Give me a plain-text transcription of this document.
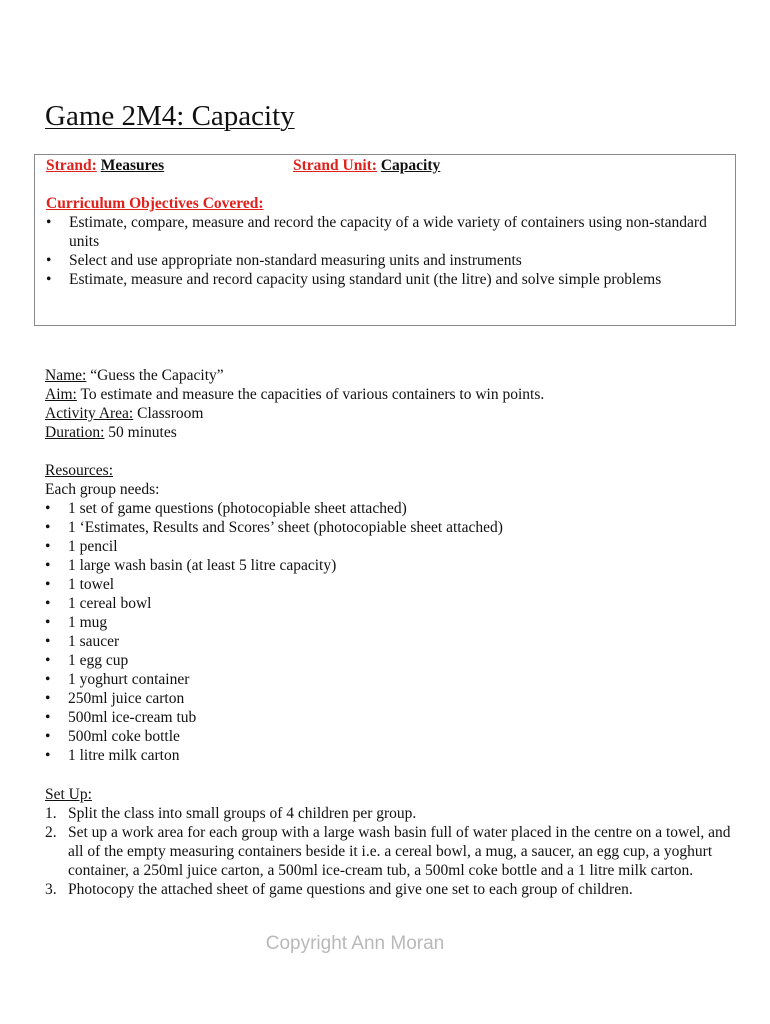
Game 2M4: Capacity
Strand: Measures	Strand Unit: Capacity
Curriculum Objectives Covered:
• Estimate, compare, measure and record the capacity of a wide variety of containers using non-standard units
• Select and use appropriate non-standard measuring units and instruments
• Estimate, measure and record capacity using standard unit (the litre) and solve simple problems
Name: “Guess the Capacity”
Aim: To estimate and measure the capacities of various containers to win points.
Activity Area: Classroom
Duration: 50 minutes
Resources:
Each group needs:
• 1 set of game questions (photocopiable sheet attached)
• 1 ‘Estimates, Results and Scores’ sheet (photocopiable sheet attached)
• 1 pencil
• 1 large wash basin (at least 5 litre capacity)
• 1 towel
• 1 cereal bowl
• 1 mug
• 1 saucer
• 1 egg cup
• 1 yoghurt container
• 250ml juice carton
• 500ml ice-cream tub
• 500ml coke bottle
• 1 litre milk carton
Set Up:
1. Split the class into small groups of 4 children per group.
2. Set up a work area for each group with a large wash basin full of water placed in the centre on a towel, and all of the empty measuring containers beside it i.e. a cereal bowl, a mug, a saucer, an egg cup, a yoghurt container, a 250ml juice carton, a 500ml ice-cream tub, a 500ml coke bottle and a 1 litre milk carton.
3. Photocopy the attached sheet of game questions and give one set to each group of children.
Copyright Ann Moran
